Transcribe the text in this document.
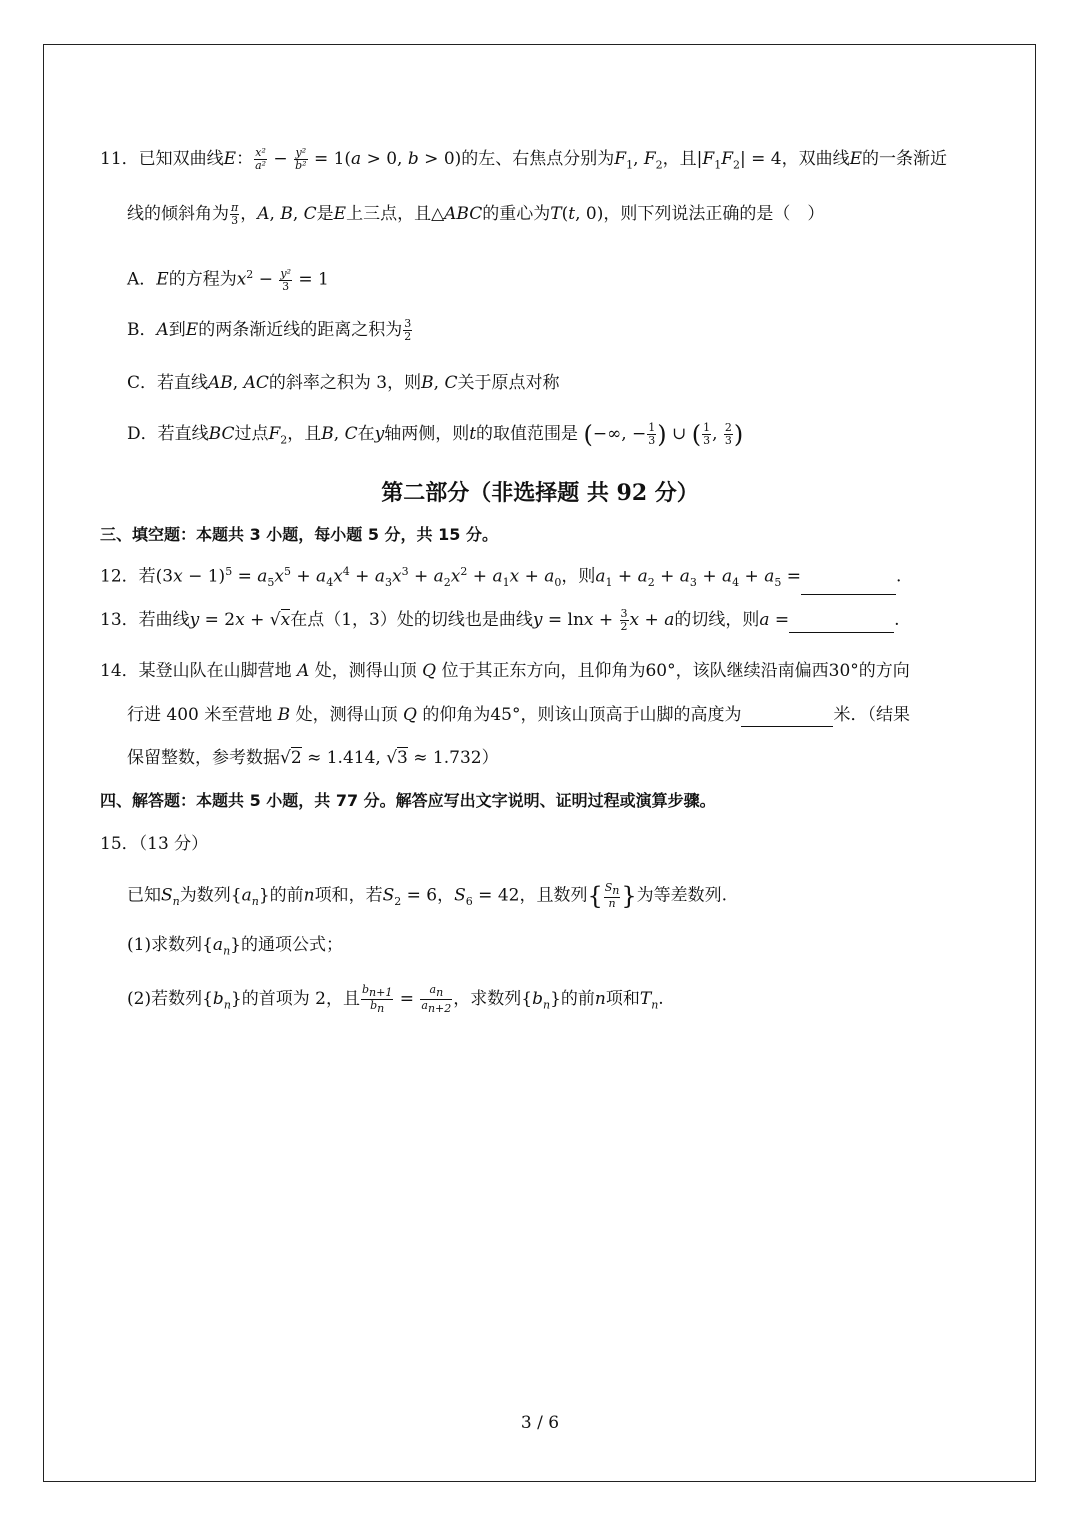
11．已知双曲线E： $\frac{\text{x²}}{\text{a²}} - \frac{\text{y²}}{\text{b²}} = 1(a > 0$, b > 0)的左、右焦点分别为$F_1$, $F_2$，且$|F_1F_2| = 4$，双曲线E的一条渐近
线的倾斜角为 $\frac{\pi}{3}$ ，A, B, C是E上三点，且△ABC的重心为T(t, 0)，则下列说法正确的是（　）
A．E的方程为$x^2 - \frac{\text{y²}}{3} = 1$
B．A到E的两条渐近线的距离之积为 $\frac{3}{2}$
C．若直线AB, AC的斜率之积为 3，则B, C关于原点对称
D．若直线BC过点$F_2$，且B, C在y轴两侧，则t的取值范围是 (−∞, − $\frac{1}{3}$ ) ∪ ( $\frac{1}{3}$ , $\frac{2}{3}$ )
第二部分（非选择题 共 92 分）
三、填空题：本题共 3 小题，每小题 5 分，共 15 分。
12．若$(3x - 1)^5 = a_5x^5 + a_4x^4 + a_3x^3 + a_2x^2 + a_1x + a_0$，则$a_1 + a_2 + a_3 + a_4 + a_5$ =	.
13．若曲线y = 2x + √x在点（1，3）处的切线也是曲线$y = \ln x + \frac{3}{2}$ x + a的切线，则a =	.
14．某登山队在山脚营地 A 处，测得山顶 Q 位于其正东方向，且仰角为60°，该队继续沿南偏西30°的方向
行进 400 米至营地 B 处，测得山顶 Q 的仰角为45°，则该山顶高于山脚的高度为	米．（结果
保留整数，参考数据√2 ≈ 1.414, √3 ≈ 1.732）
四、解答题：本题共 5 小题，共 77 分。解答应写出文字说明、证明过程或演算步骤。
15．（13 分）
已知$S_n$为数列$\{a_n\}$的前n项和，若$S_2 = 6$，$S_6 = 42$，且数列{ $\frac{S_n}{n}$ }为等差数列.
(1)求数列$\{a_n\}$的通项公式；
(2)若数列$\{b_n\}$的首项为 2，且 $\frac{b_{n+1}}{b_n} = \frac{a_n}{a_{n+2}}$ ，求数列$\{b_n\}$的前n项和$T_n$.
3 / 6
